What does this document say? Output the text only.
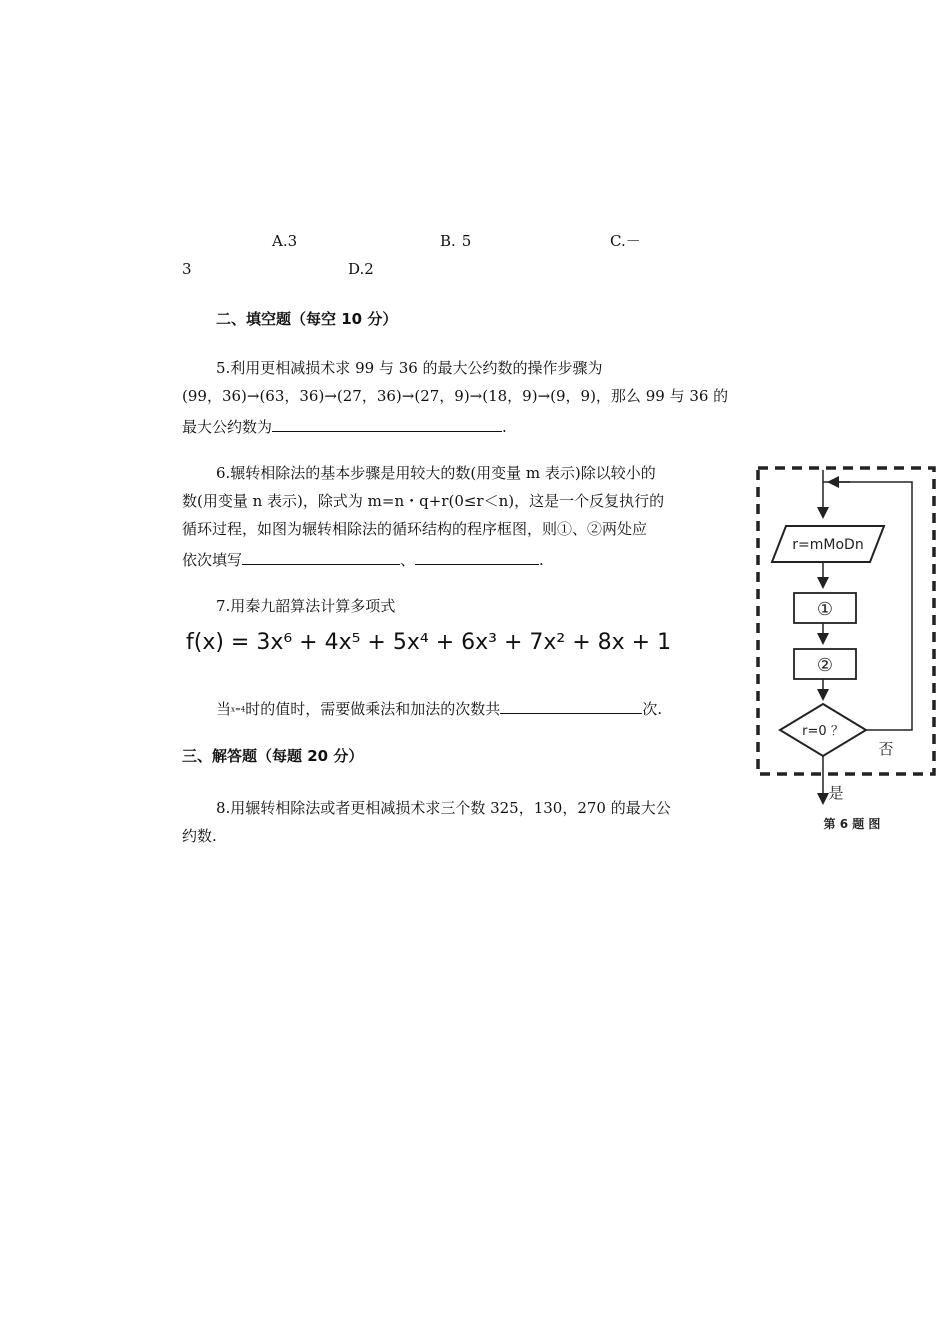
A.3	B. 5	C.－
3	D.2
二、填空题（每空 10 分）
5.利用更相减损术求 99 与 36 的最大公约数的操作步骤为
(99，36)→(63，36)→(27，36)→(27，9)→(18，9)→(9，9)，那么 99 与 36 的
最大公约数为	.
6.辗转相除法的基本步骤是用较大的数(用变量 m 表示)除以较小的
数(用变量 n 表示)，除式为 m=n・q+r(0≤r＜n)，这是一个反复执行的
循环过程，如图为辗转相除法的循环结构的程序框图，则①、②两处应
依次填写	、	.
7.用秦九韶算法计算多项式
f(x) = 3x⁶ + 4x⁵ + 5x⁴ + 6x³ + 7x² + 8x + 1
当x=4时的值时，需要做乘法和加法的次数共	次.
三、解答题（每题 20 分）
8.用辗转相除法或者更相减损术求三个数 325，130，270 的最大公
约数.
r=mMoDn
①
②
r=0 ？
否
是
第 6 题 图
